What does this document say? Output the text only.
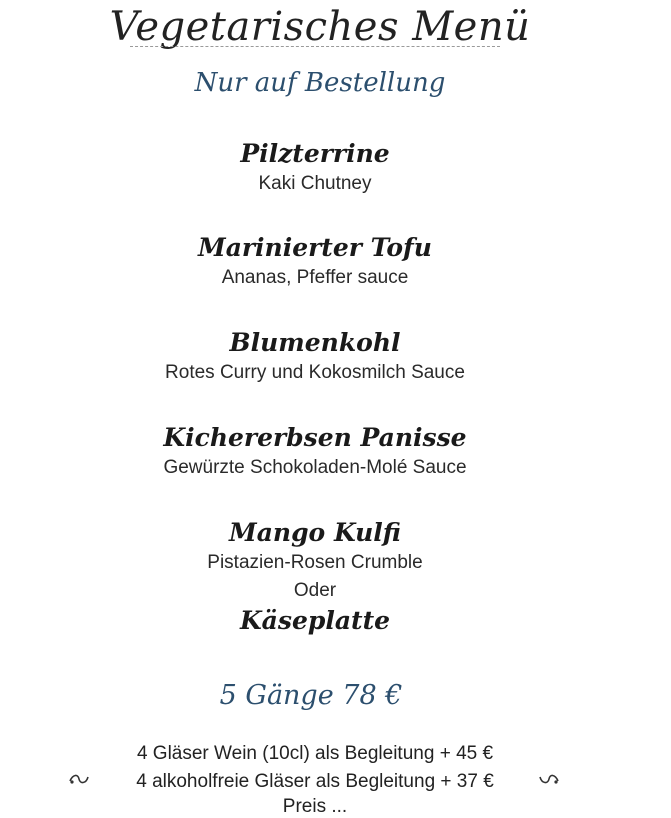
Vegetarisches Menü
Nur auf Bestellung
Pilzterrine
Kaki Chutney
Marinierter Tofu
Ananas, Pfeffer sauce
Blumenkohl
Rotes Curry und Kokosmilch Sauce
Kichererbsen Panisse
Gewürzte Schokoladen-Molé Sauce
Mango Kulfi
Pistazien-Rosen Crumble
Oder
Käseplatte
5 Gänge 78 €
4 Gläser Wein (10cl) als Begleitung + 45 €
4 alkoholfreie Gläser als Begleitung + 37 €
Preis ...
